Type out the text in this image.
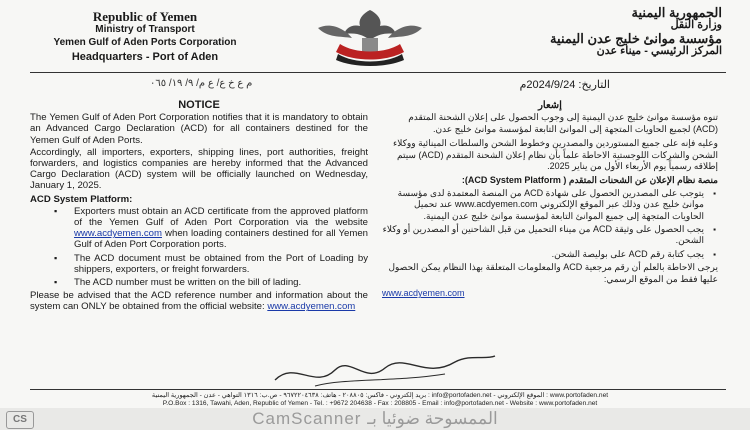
Republic of Yemen
Ministry of Transport
Yemen Gulf of Aden Ports Corporation
Headquarters - Port of Aden
الجمهورية اليمنية
وزارة النقل
مؤسسة موانئ خليج عدن اليمنية
المركز الرئيسي - ميناء عدن
م ع خ ع/ ع م/ ٩/ ١٩/ ٠٦٥	التاريخ: 2024/9/24م
NOTICE

The Yemen Gulf of Aden Port Corporation notifies that it is mandatory to obtain an Advanced Cargo Declaration (ACD) for all containers destined for the Yemen Gulf of Aden Ports.

Accordingly, all importers, exporters, shipping lines, port authorities, freight forwarders, and logistics companies are hereby informed that the Advanced Cargo Declaration (ACD) system will be officially launched on Wednesday, January 1, 2025.

ACD System Platform:
▪ Exporters must obtain an ACD certificate from the approved platform of the Yemen Gulf of Aden Port Corporation via the website www.acdyemen.com when loading containers destined for all Yemen Gulf of Aden Port Corporation ports.
▪ The ACD document must be obtained from the Port of Loading by shippers, exporters, or freight forwarders.
▪ The ACD number must be written on the bill of lading.

Please be advised that the ACD reference number and information about the system can ONLY be obtained from the official website: www.acdyemen.com

إشعار

تنوه مؤسسة موانئ خليج عدن اليمنية إلى وجوب الحصول على إعلان الشحنة المتقدم (ACD) لجميع الحاويات المتجهة إلى الموانئ التابعة لمؤسسة موانئ خليج عدن.

وعليه فإنه على جميع المستوردين والمصدرين وخطوط الشحن والسلطات المينائية ووكلاء الشحن والشركات اللوجستية الاحاطة علماً بأن نظام إعلان الشحنة المتقدم (ACD) سيتم إطلاقه رسمياً يوم الأربعاء الأول من يناير 2025.

منصة نظام الإعلان عن الشحنات المتقدم ( ACD System Platform):
▪ يتوجب على المصدرين الحصول على شهادة ACD من المنصة المعتمدة لدى مؤسسة موانئ خليج عدن وذلك عبر الموقع الإلكتروني www.acdyemen.com عند تحميل الحاويات المتجهة إلى جميع الموانئ التابعة لمؤسسة موانئ خليج عدن اليمنية.
▪ يجب الحصول على وثيقة ACD من ميناء التحميل من قبل الشاحنين أو المصدرين أو وكلاء الشحن.
▪ يجب كتابة رقم ACD على بوليصة الشحن.

يرجى الاحاطة بالعلم أن رقم مرجعية ACD والمعلومات المتعلقة بهذا النظام يمكن الحصول عليها فقط من الموقع الرسمي:

www.acdyemen.com
www.portofaden.net : الموقع الإلكتروني - info@portofaden.net : بريد إلكتروني - فاكس: ٢٠٨٨٠٥ - هاتف: ٩٦٧٢٢٠٤٦٣٨ - ص.ب: ١٣١٦ التواهي - عدن - الجمهورية اليمنية
P.O.Box : 1316, Tawahi, Aden, Republic of Yemen - Tel. : +9672 204638 - Fax : 208805 - Email : info@portofaden.net - Website : www.portofaden.net
CS	CamScanner الممسوحة ضوئيا بـ
